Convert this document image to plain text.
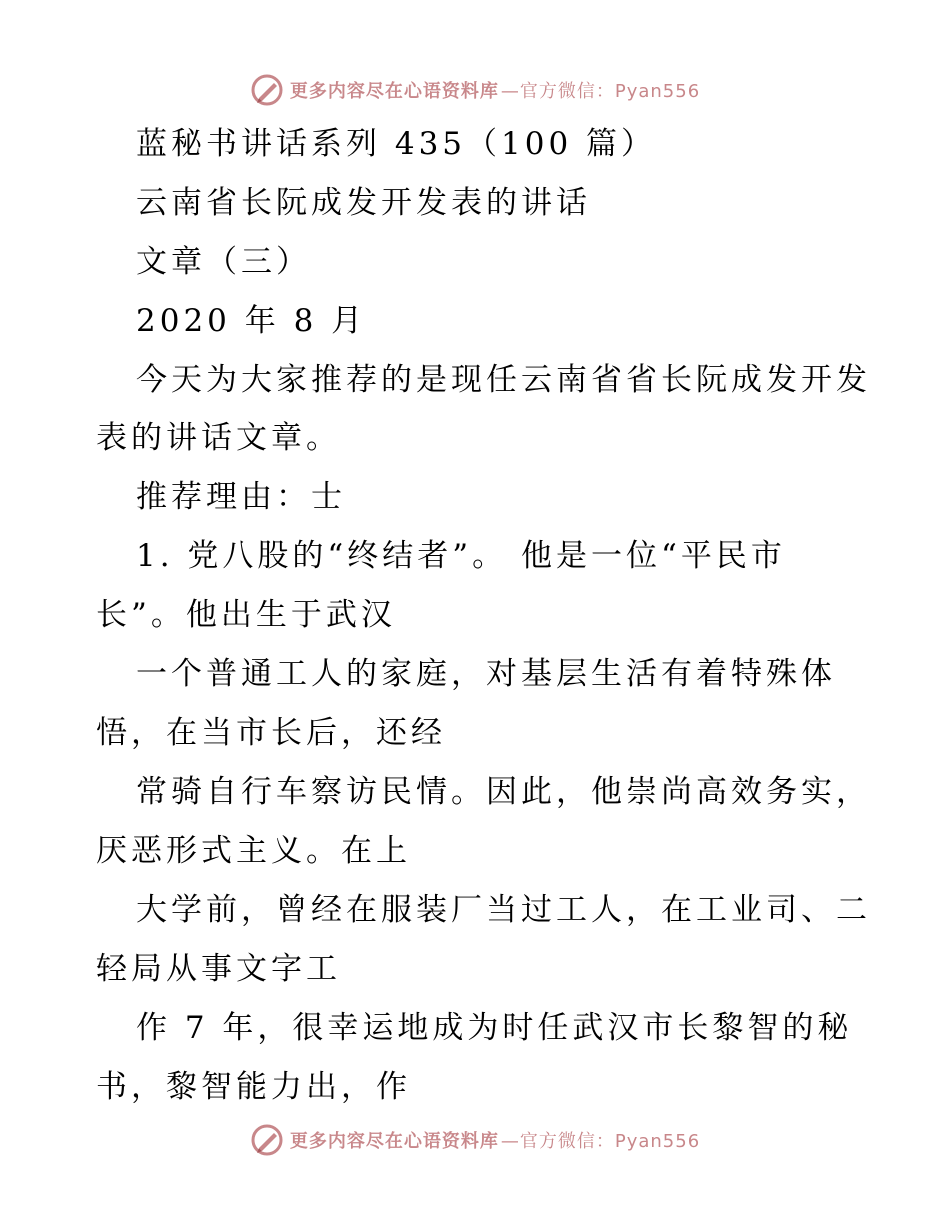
更多内容尽在心语资料库 —官方微信：Pyan556
蓝秘书讲话系列 435（100 篇）
云南省长阮成发开发表的讲话
文章（三）
2020 年 8 月
今天为大家推荐的是现任云南省省长阮成发开发
表的讲话文章。
推荐理由：士
1. 党八股的“终结者”。 他是一位“平民市
长”。他出生于武汉
一个普通工人的家庭，对基层生活有着特殊体
悟，在当市长后，还经
常骑自行车察访民情。因此，他崇尚高效务实，
厌恶形式主义。在上
大学前，曾经在服装厂当过工人，在工业司、二
轻局从事文字工
作 7 年，很幸运地成为时任武汉市长黎智的秘
书，黎智能力出，作
更多内容尽在心语资料库 —官方微信：Pyan556
